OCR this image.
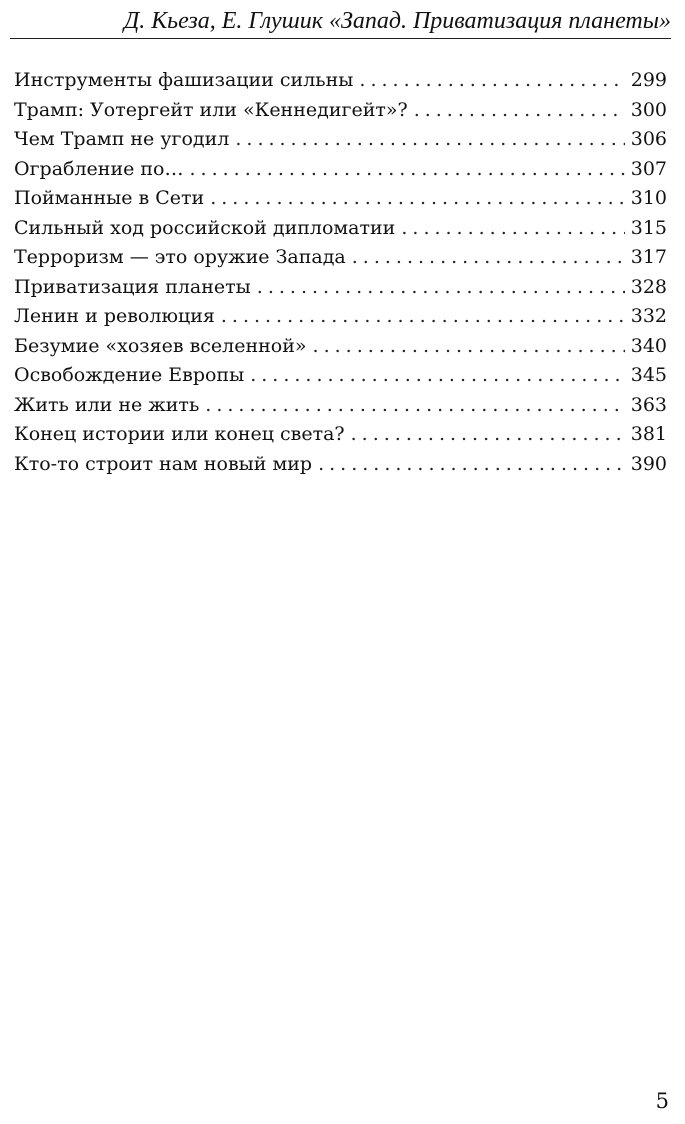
Д. Кьеза, Е. Глушик «Запад. Приватизация планеты»
Инструменты фашизации сильны .....	299
Трамп: Уотергейт или «Кеннедигейт»? .....	300
Чем Трамп не угодил .....	306
Ограбление по… .....	307
Пойманные в Сети .....	310
Сильный ход российской дипломатии .....	315
Терроризм — это оружие Запада .....	317
Приватизация планеты .....	328
Ленин и революция .....	332
Безумие «хозяев вселенной» .....	340
Освобождение Европы .....	345
Жить или не жить .....	363
Конец истории или конец света? .....	381
Кто-то строит нам новый мир .....	390
5
